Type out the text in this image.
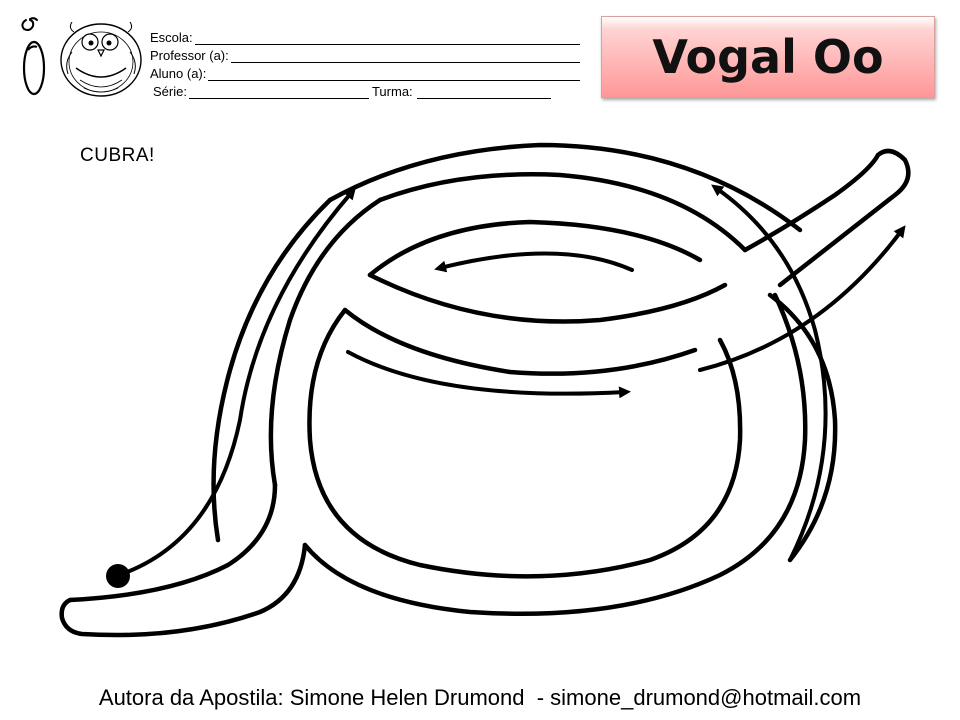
Escola:
Professor (a):
Aluno (a):
Série:	Turma:
Vogal Oo
CUBRA!
Autora da Apostila: Simone Helen Drumond - simone_drumond@hotmail.com
